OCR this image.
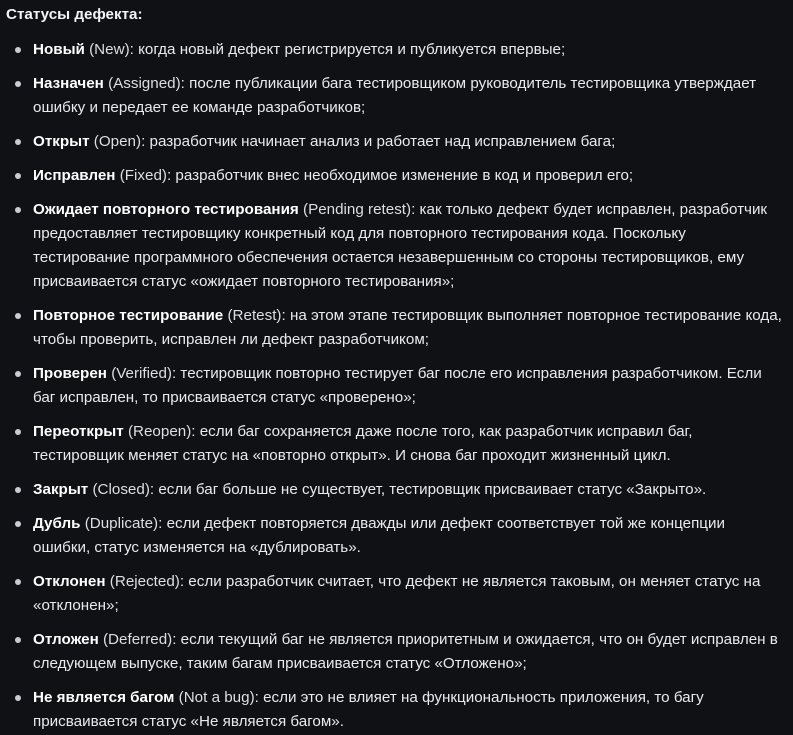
Статусы дефекта:
Новый (New): когда новый дефект регистрируется и публикуется впервые;
Назначен (Assigned): после публикации бага тестировщиком руководитель тестировщика утверждает ошибку и передает ее команде разработчиков;
Открыт (Open): разработчик начинает анализ и работает над исправлением бага;
Исправлен (Fixed): разработчик внес необходимое изменение в код и проверил его;
Ожидает повторного тестирования (Pending retest): как только дефект будет исправлен, разработчик предоставляет тестировщику конкретный код для повторного тестирования кода. Поскольку тестирование программного обеспечения остается незавершенным со стороны тестировщиков, ему присваивается статус «ожидает повторного тестирования»;
Повторное тестирование (Retest): на этом этапе тестировщик выполняет повторное тестирование кода, чтобы проверить, исправлен ли дефект разработчиком;
Проверен (Verified): тестировщик повторно тестирует баг после его исправления разработчиком. Если баг исправлен, то присваивается статус «проверено»;
Переоткрыт (Reopen): если баг сохраняется даже после того, как разработчик исправил баг, тестировщик меняет статус на «повторно открыт». И снова баг проходит жизненный цикл.
Закрыт (Closed): если баг больше не существует, тестировщик присваивает статус «Закрыто».
Дубль (Duplicate): если дефект повторяется дважды или дефект соответствует той же концепции ошибки, статус изменяется на «дублировать».
Отклонен (Rejected): если разработчик считает, что дефект не является таковым, он меняет статус на «отклонен»;
Отложен (Deferred): если текущий баг не является приоритетным и ожидается, что он будет исправлен в следующем выпуске, таким багам присваивается статус «Отложено»;
Не является багом (Not a bug): если это не влияет на функциональность приложения, то багу присваивается статус «Не является багом».
